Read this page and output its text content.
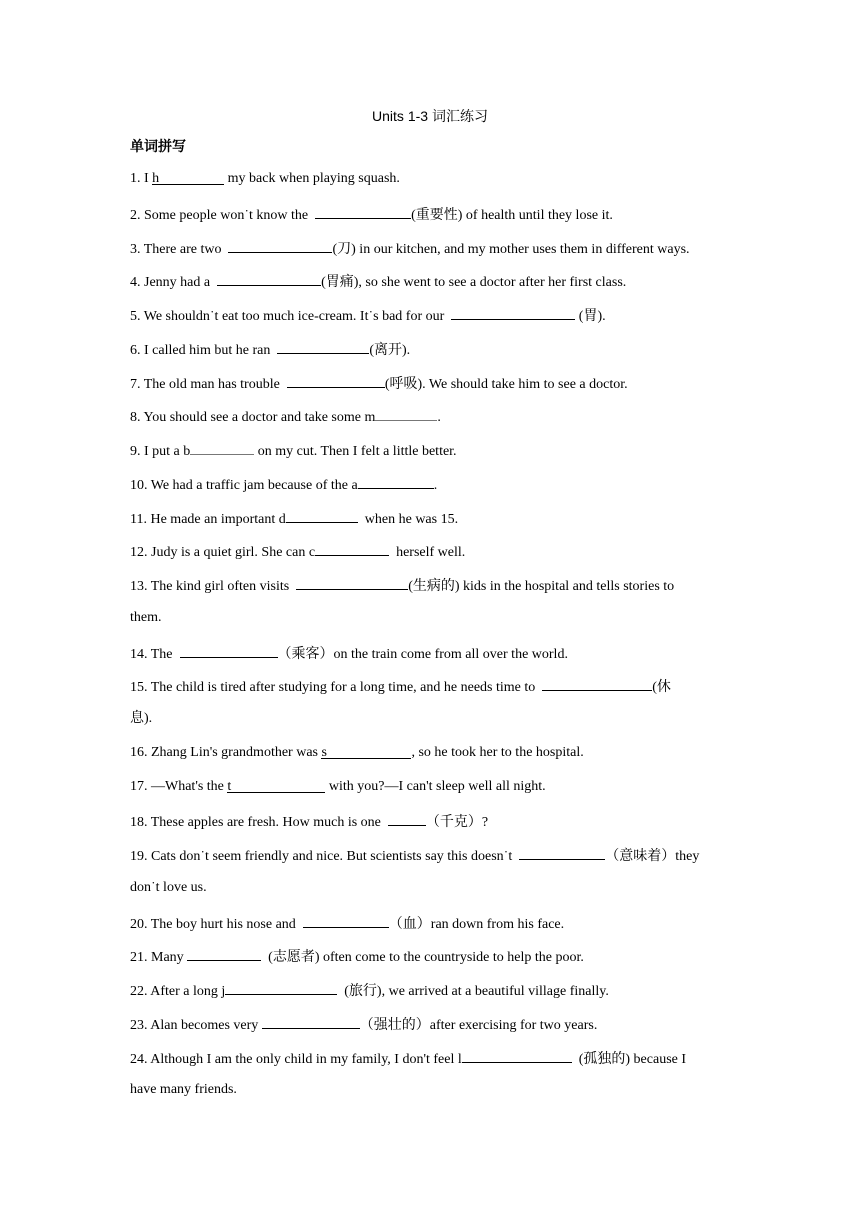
Units 1-3 词汇练习
单词拼写
1. I h	my back when playing squash.
2. Some people won˙t know the	(重要性) of health until they lose it.
3. There are two	(刀) in our kitchen, and my mother uses them in different ways.
4. Jenny had a	(胃痛), so she went to see a doctor after her first class.
5. We shouldn˙t eat too much ice-cream. It˙s bad for our	(胃).
6. I called him but he ran	(离开).
7. The old man has trouble	(呼吸). We should take him to see a doctor.
8. You should see a doctor and take some m	.
9. I put a b	on my cut. Then I felt a little better.
10. We had a traffic jam because of the a	.
11. He made an important d	when he was 15.
12. Judy is a quiet girl. She can c	herself well.
13. The kind girl often visits	(生病的) kids in the hospital and tells stories to
them.
14. The	（乘客）on the train come from all over the world.
15. The child is tired after studying for a long time, and he needs time to	(休
息).
16. Zhang Lin's grandmother was s	, so he took her to the hospital.
17. —What's the t	with you?—I can't sleep well all night.
18. These apples are fresh. How much is one	（千克）?
19. Cats don˙t seem friendly and nice. But scientists say this doesn˙t	（意味着）they
don˙t love us.
20. The boy hurt his nose and	（血）ran down from his face.
21. Many	(志愿者) often come to the countryside to help the poor.
22. After a long j	(旅行), we arrived at a beautiful village finally.
23. Alan becomes very	（强壮的）after exercising for two years.
24. Although I am the only child in my family, I don't feel l	(孤独的) because I
have many friends.
